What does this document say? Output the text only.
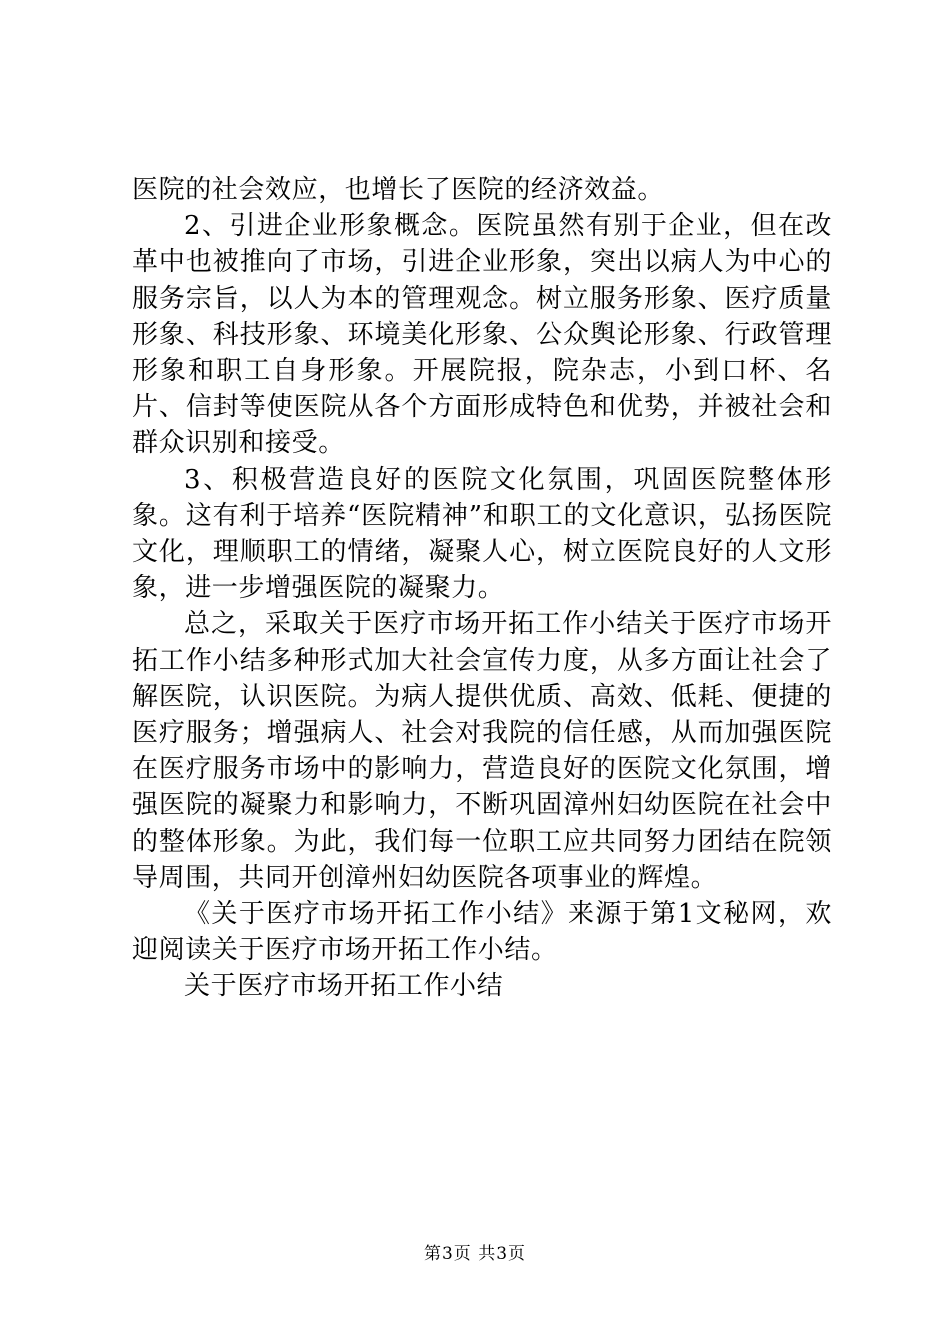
医院的社会效应，也增长了医院的经济效益。

2、引进企业形象概念。医院虽然有别于企业，但在改革中也被推向了市场，引进企业形象，突出以病人为中心的服务宗旨，以人为本的管理观念。树立服务形象、医疗质量形象、科技形象、环境美化形象、公众舆论形象、行政管理形象和职工自身形象。开展院报，院杂志，小到口杯、名片、信封等使医院从各个方面形成特色和优势，并被社会和群众识别和接受。

3、积极营造良好的医院文化氛围，巩固医院整体形象。这有利于培养“医院精神”和职工的文化意识，弘扬医院文化，理顺职工的情绪，凝聚人心，树立医院良好的人文形象，进一步增强医院的凝聚力。

总之，采取关于医疗市场开拓工作小结关于医疗市场开拓工作小结多种形式加大社会宣传力度，从多方面让社会了解医院，认识医院。为病人提供优质、高效、低耗、便捷的医疗服务；增强病人、社会对我院的信任感，从而加强医院在医疗服务市场中的影响力，营造良好的医院文化氛围，增强医院的凝聚力和影响力，不断巩固漳州妇幼医院在社会中的整体形象。为此，我们每一位职工应共同努力团结在院领导周围，共同开创漳州妇幼医院各项事业的辉煌。

《关于医疗市场开拓工作小结》来源于第1文秘网，欢迎阅读关于医疗市场开拓工作小结。

关于医疗市场开拓工作小结

第3页 共3页
